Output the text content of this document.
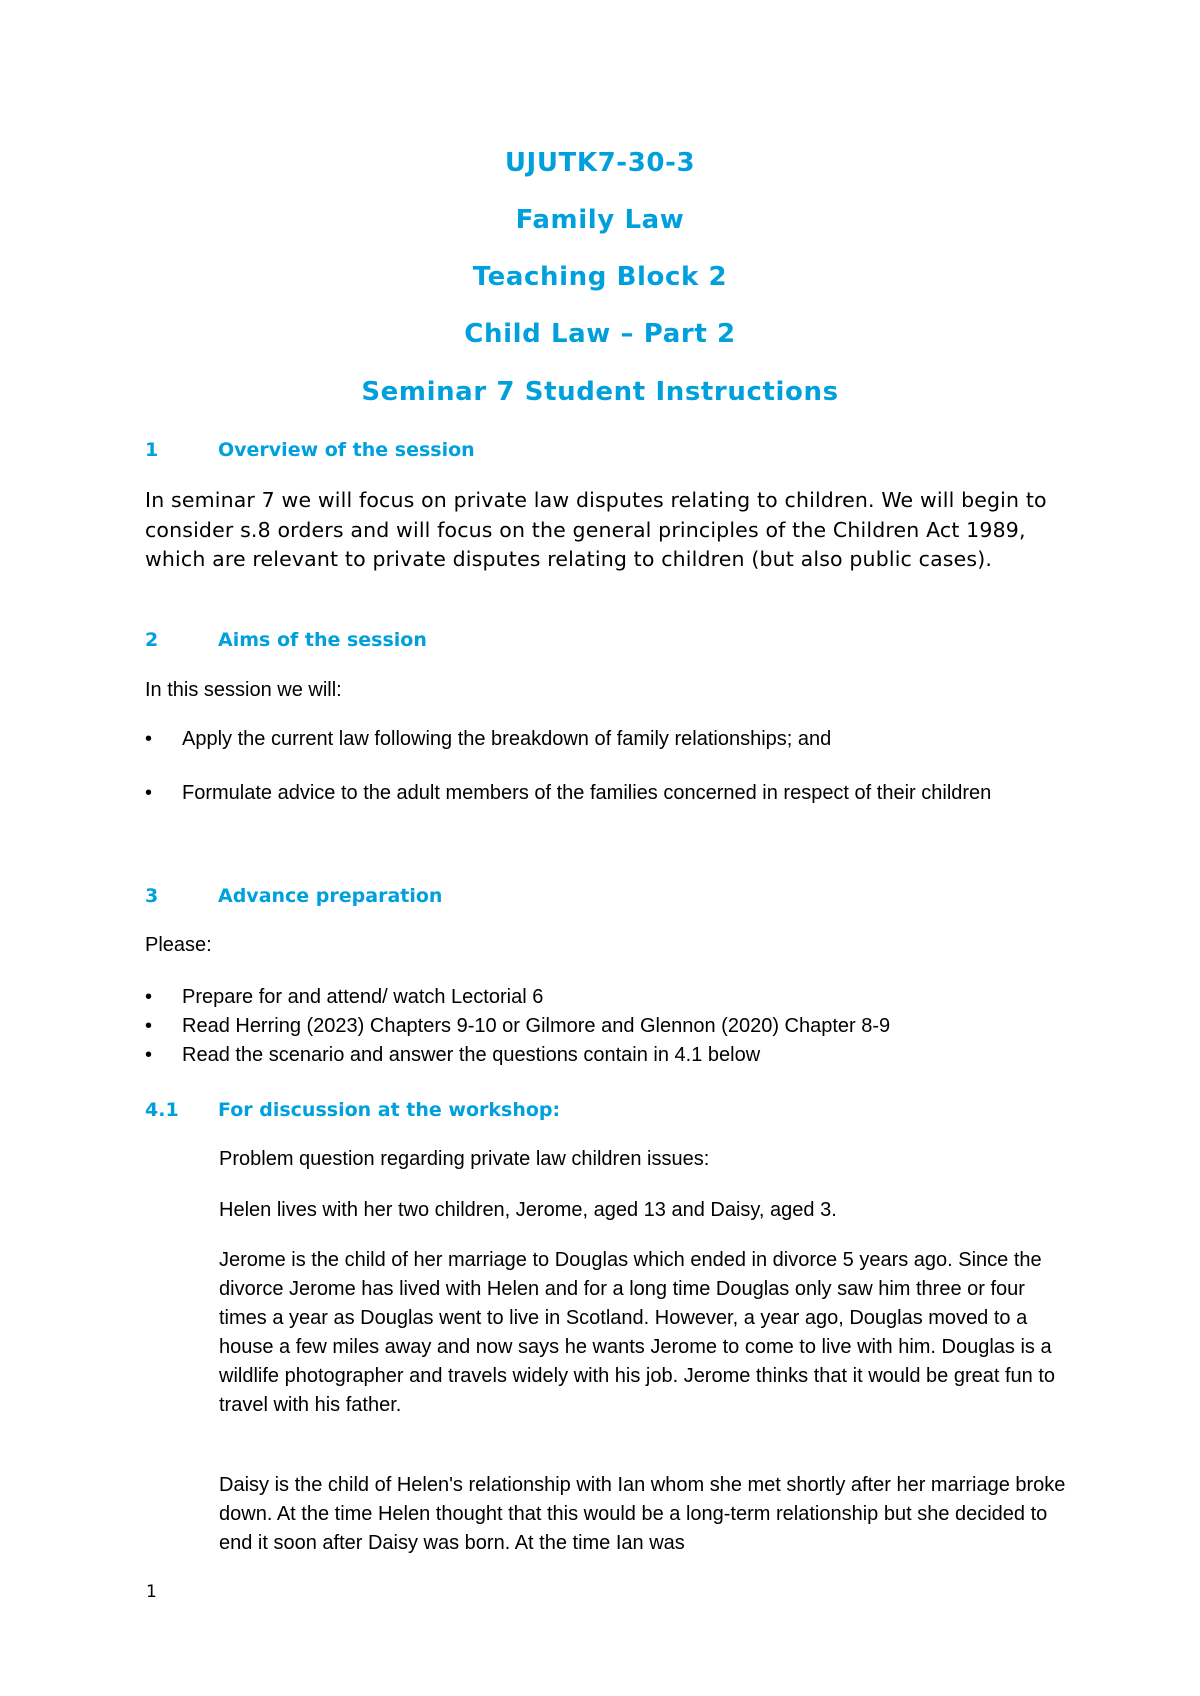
UJUTK7-30-3
Family Law
Teaching Block 2
Child Law – Part 2
Seminar 7 Student Instructions
1	Overview of the session
In seminar 7 we will focus on private law disputes relating to children. We will begin to consider s.8 orders and will focus on the general principles of the Children Act 1989, which are relevant to private disputes relating to children (but also public cases).
2	Aims of the session
In this session we will:
• Apply the current law following the breakdown of family relationships; and
• Formulate advice to the adult members of the families concerned in respect of their children
3	Advance preparation
Please:
• Prepare for and attend/ watch Lectorial 6
• Read Herring (2023) Chapters 9-10 or Gilmore and Glennon (2020) Chapter 8-9
• Read the scenario and answer the questions contain in 4.1 below
4.1 For discussion at the workshop:
Problem question regarding private law children issues:
Helen lives with her two children, Jerome, aged 13 and Daisy, aged 3.
Jerome is the child of her marriage to Douglas which ended in divorce 5 years ago. Since the divorce Jerome has lived with Helen and for a long time Douglas only saw him three or four times a year as Douglas went to live in Scotland. However, a year ago, Douglas moved to a house a few miles away and now says he wants Jerome to come to live with him. Douglas is a wildlife photographer and travels widely with his job. Jerome thinks that it would be great fun to travel with his father.
Daisy is the child of Helen's relationship with Ian whom she met shortly after her marriage broke down. At the time Helen thought that this would be a long-term relationship but she decided to end it soon after Daisy was born. At the time Ian was
1
